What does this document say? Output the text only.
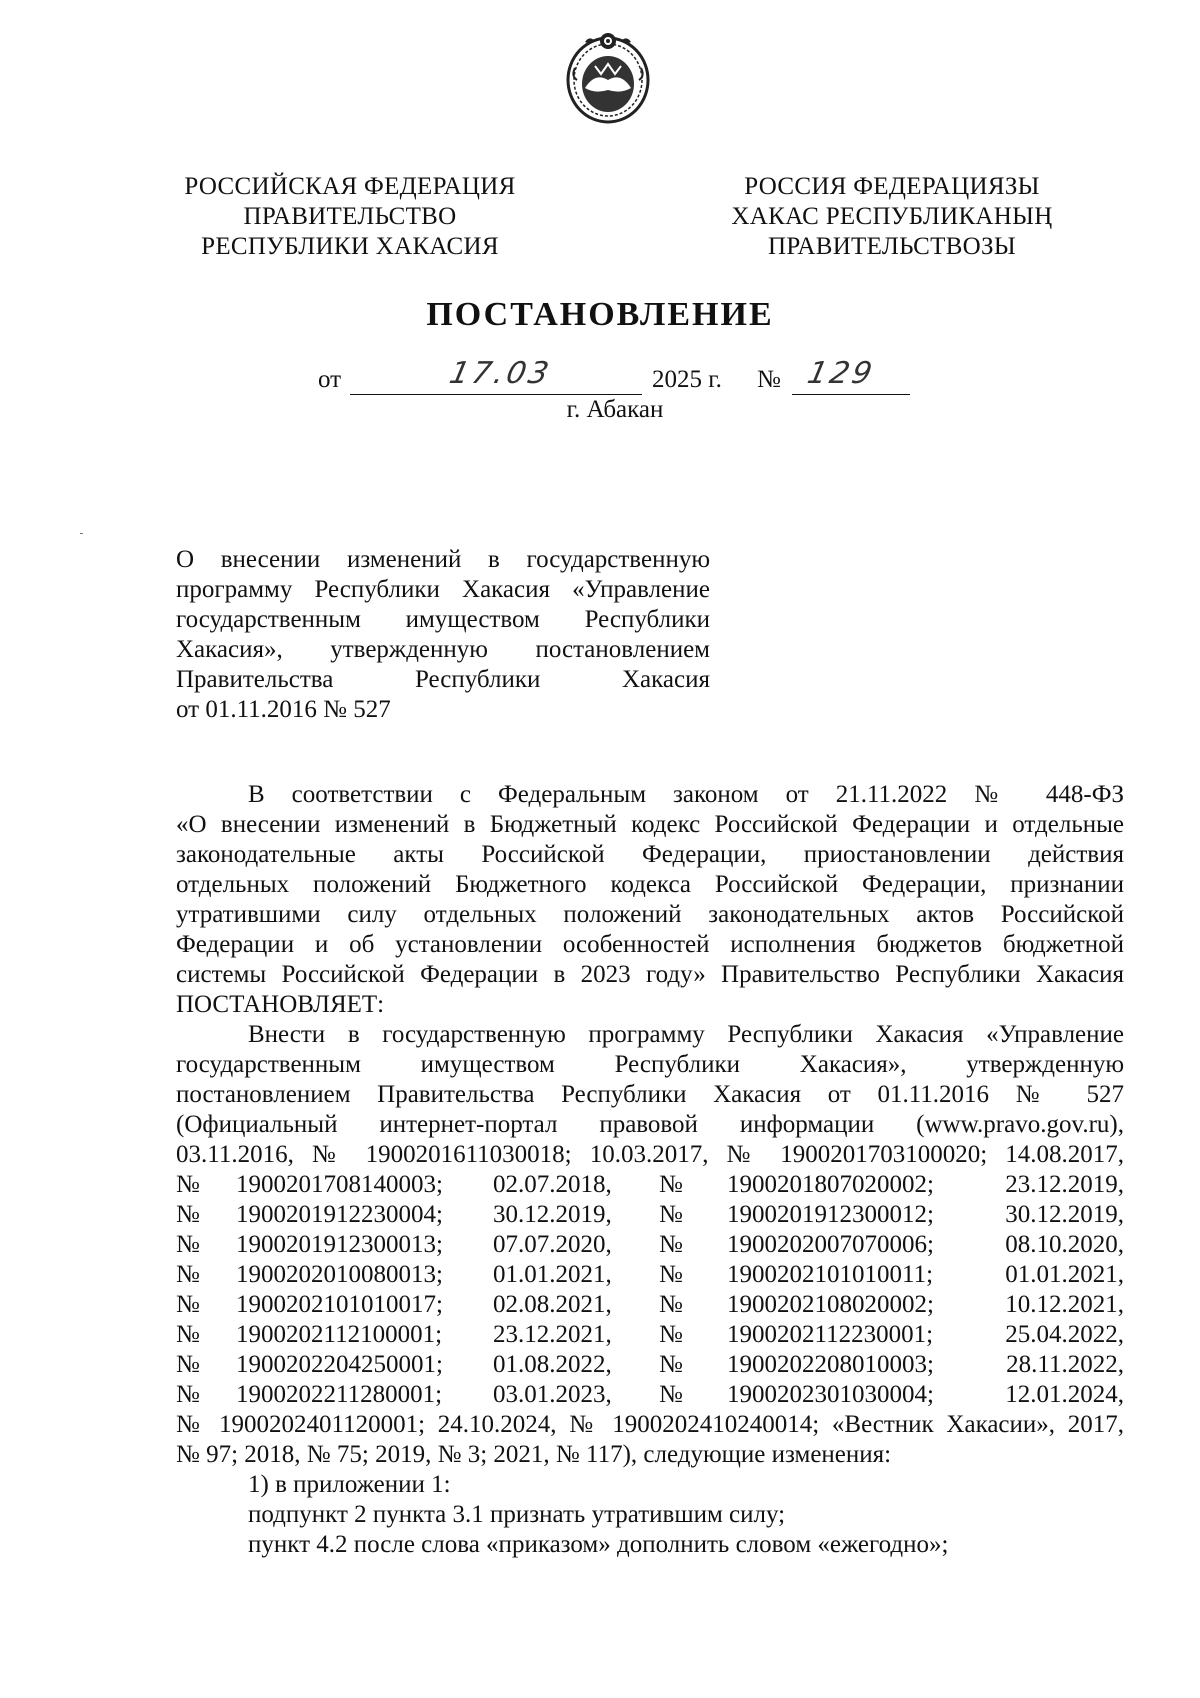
РОССИЙСКАЯ ФЕДЕРАЦИЯ
ПРАВИТЕЛЬСТВО
РЕСПУБЛИКИ ХАКАСИЯ
РОССИЯ ФЕДЕРАЦИЯЗЫ
ХАКАС РЕСПУБЛИКАНЫҢ
ПРАВИТЕЛЬСТВОЗЫ
ПОСТАНОВЛЕНИЕ
от	17.03	2025 г. № 129
г. Абакан
О внесении изменений в государственную
программу Республики Хакасия «Управление
государственным имуществом Республики
Хакасия», утвержденную постановлением
Правительства Республики Хакасия
от 01.11.2016 № 527
В соответствии с Федеральным законом от 21.11.2022 № 448-ФЗ
«О внесении изменений в Бюджетный кодекс Российской Федерации и отдельные
законодательные акты Российской Федерации, приостановлении действия
отдельных положений Бюджетного кодекса Российской Федерации, признании
утратившими силу отдельных положений законодательных актов Российской
Федерации и об установлении особенностей исполнения бюджетов бюджетной
системы Российской Федерации в 2023 году» Правительство Республики Хакасия
ПОСТАНОВЛЯЕТ:
Внести в государственную программу Республики Хакасия «Управление
государственным имуществом Республики Хакасия», утвержденную
постановлением Правительства Республики Хакасия от 01.11.2016 № 527
(Официальный интернет-портал правовой информации (www.pravo.gov.ru),
03.11.2016, № 1900201611030018; 10.03.2017, № 1900201703100020; 14.08.2017,
№	1900201708140003;	02.07.2018,	№	1900201807020002;	23.12.2019,
№	1900201912230004;	30.12.2019,	№	1900201912300012;	30.12.2019,
№	1900201912300013;	07.07.2020,	№	1900202007070006;	08.10.2020,
№	1900202010080013;	01.01.2021,	№	1900202101010011;	01.01.2021,
№	1900202101010017;	02.08.2021,	№	1900202108020002;	10.12.2021,
№	1900202112100001;	23.12.2021,	№	1900202112230001;	25.04.2022,
№	1900202204250001;	01.08.2022,	№	1900202208010003;	28.11.2022,
№	1900202211280001;	03.01.2023,	№	1900202301030004;	12.01.2024,
№ 1900202401120001; 24.10.2024, № 1900202410240014; «Вестник Хакасии», 2017,
№ 97; 2018, № 75; 2019, № 3; 2021, № 117), следующие изменения:
1) в приложении 1:
подпункт 2 пункта 3.1 признать утратившим силу;
пункт 4.2 после слова «приказом» дополнить словом «ежегодно»;
